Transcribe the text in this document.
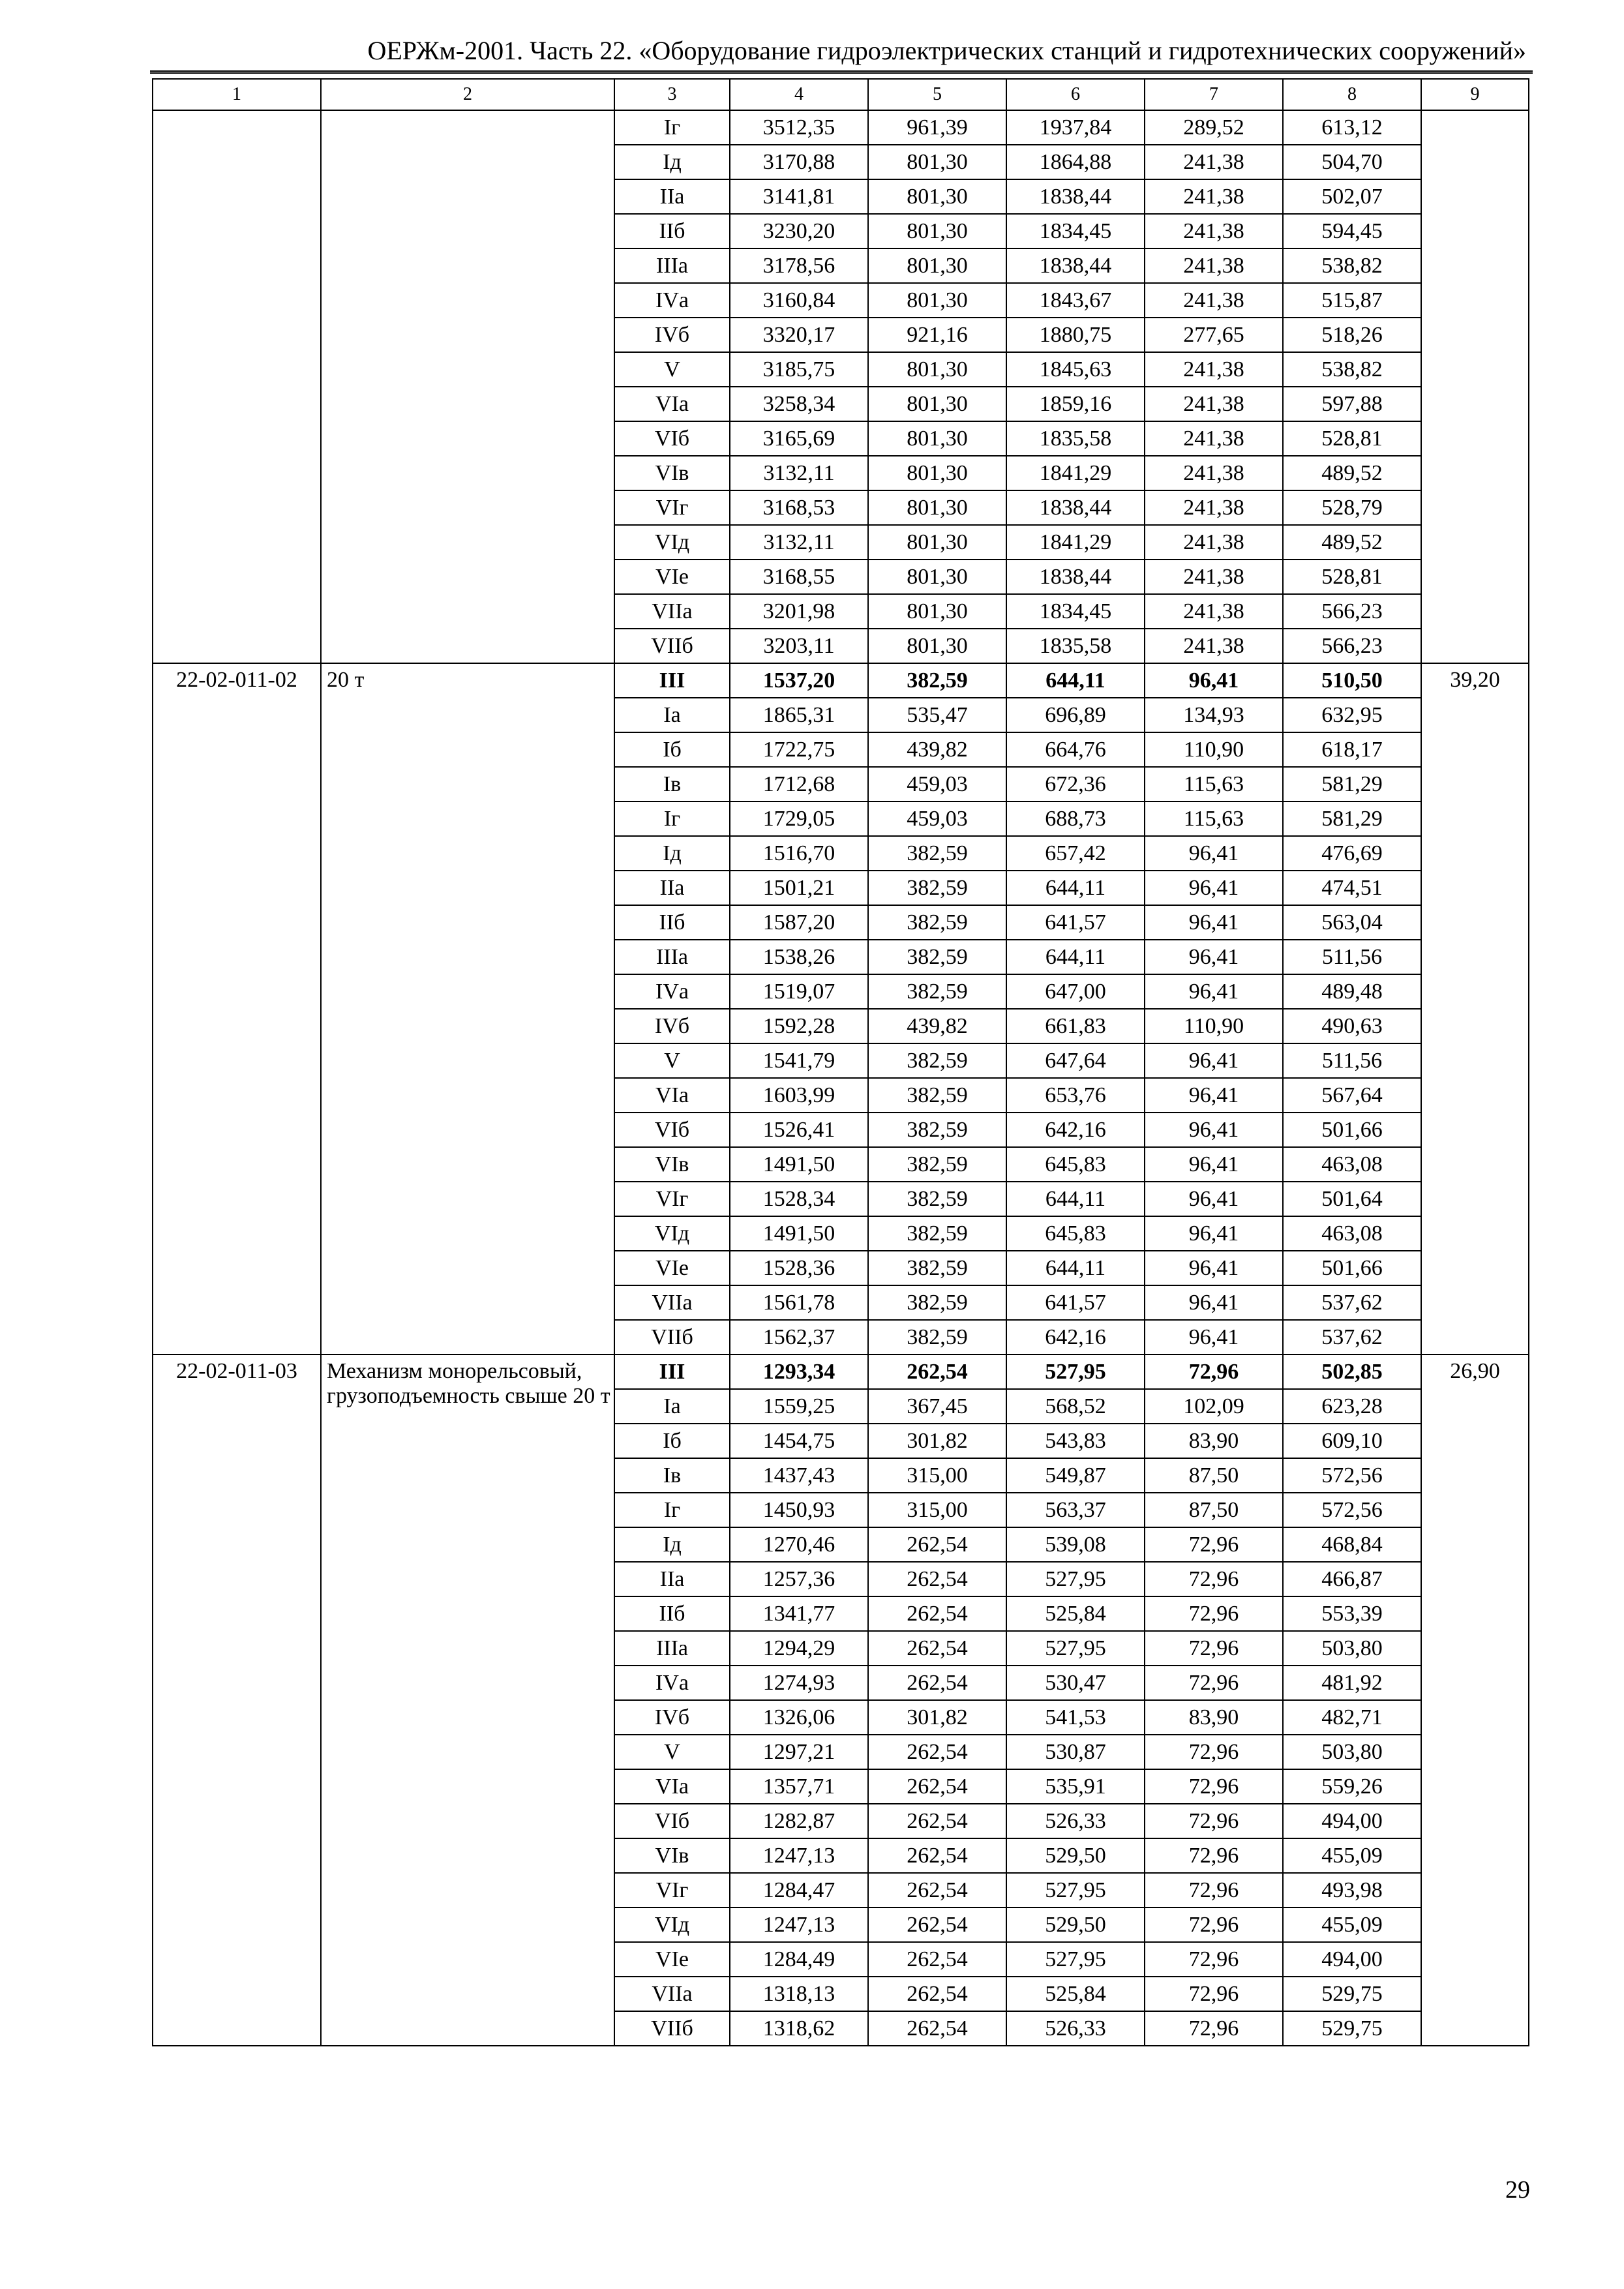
ОЕРЖм-2001. Часть 22. «Оборудование гидроэлектрических станций и гидротехнических сооружений»
1	2	3	4	5	6	7	8	9
		Iг	3512,35	961,39	1937,84	289,52	613,12	
		Iд	3170,88	801,30	1864,88	241,38	504,70	
		IIа	3141,81	801,30	1838,44	241,38	502,07	
		IIб	3230,20	801,30	1834,45	241,38	594,45	
		IIIа	3178,56	801,30	1838,44	241,38	538,82	
		IVа	3160,84	801,30	1843,67	241,38	515,87	
		IVб	3320,17	921,16	1880,75	277,65	518,26	
		V	3185,75	801,30	1845,63	241,38	538,82	
		VIа	3258,34	801,30	1859,16	241,38	597,88	
		VIб	3165,69	801,30	1835,58	241,38	528,81	
		VIв	3132,11	801,30	1841,29	241,38	489,52	
		VIг	3168,53	801,30	1838,44	241,38	528,79	
		VIд	3132,11	801,30	1841,29	241,38	489,52	
		VIе	3168,55	801,30	1838,44	241,38	528,81	
		VIIа	3201,98	801,30	1834,45	241,38	566,23	
		VIIб	3203,11	801,30	1835,58	241,38	566,23	
22-02-011-02	20 т	III	1537,20	382,59	644,11	96,41	510,50	39,20
		Iа	1865,31	535,47	696,89	134,93	632,95	
		Iб	1722,75	439,82	664,76	110,90	618,17	
		Iв	1712,68	459,03	672,36	115,63	581,29	
		Iг	1729,05	459,03	688,73	115,63	581,29	
		Iд	1516,70	382,59	657,42	96,41	476,69	
		IIа	1501,21	382,59	644,11	96,41	474,51	
		IIб	1587,20	382,59	641,57	96,41	563,04	
		IIIа	1538,26	382,59	644,11	96,41	511,56	
		IVа	1519,07	382,59	647,00	96,41	489,48	
		IVб	1592,28	439,82	661,83	110,90	490,63	
		V	1541,79	382,59	647,64	96,41	511,56	
		VIа	1603,99	382,59	653,76	96,41	567,64	
		VIб	1526,41	382,59	642,16	96,41	501,66	
		VIв	1491,50	382,59	645,83	96,41	463,08	
		VIг	1528,34	382,59	644,11	96,41	501,64	
		VIд	1491,50	382,59	645,83	96,41	463,08	
		VIе	1528,36	382,59	644,11	96,41	501,66	
		VIIа	1561,78	382,59	641,57	96,41	537,62	
		VIIб	1562,37	382,59	642,16	96,41	537,62	
22-02-011-03	Механизм монорельсовый, грузоподъемность свыше 20 т	III	1293,34	262,54	527,95	72,96	502,85	26,90
		Iа	1559,25	367,45	568,52	102,09	623,28	
		Iб	1454,75	301,82	543,83	83,90	609,10	
		Iв	1437,43	315,00	549,87	87,50	572,56	
		Iг	1450,93	315,00	563,37	87,50	572,56	
		Iд	1270,46	262,54	539,08	72,96	468,84	
		IIа	1257,36	262,54	527,95	72,96	466,87	
		IIб	1341,77	262,54	525,84	72,96	553,39	
		IIIа	1294,29	262,54	527,95	72,96	503,80	
		IVа	1274,93	262,54	530,47	72,96	481,92	
		IVб	1326,06	301,82	541,53	83,90	482,71	
		V	1297,21	262,54	530,87	72,96	503,80	
		VIа	1357,71	262,54	535,91	72,96	559,26	
		VIб	1282,87	262,54	526,33	72,96	494,00	
		VIв	1247,13	262,54	529,50	72,96	455,09	
		VIг	1284,47	262,54	527,95	72,96	493,98	
		VIд	1247,13	262,54	529,50	72,96	455,09	
		VIе	1284,49	262,54	527,95	72,96	494,00	
		VIIа	1318,13	262,54	525,84	72,96	529,75	
		VIIб	1318,62	262,54	526,33	72,96	529,75	
29
